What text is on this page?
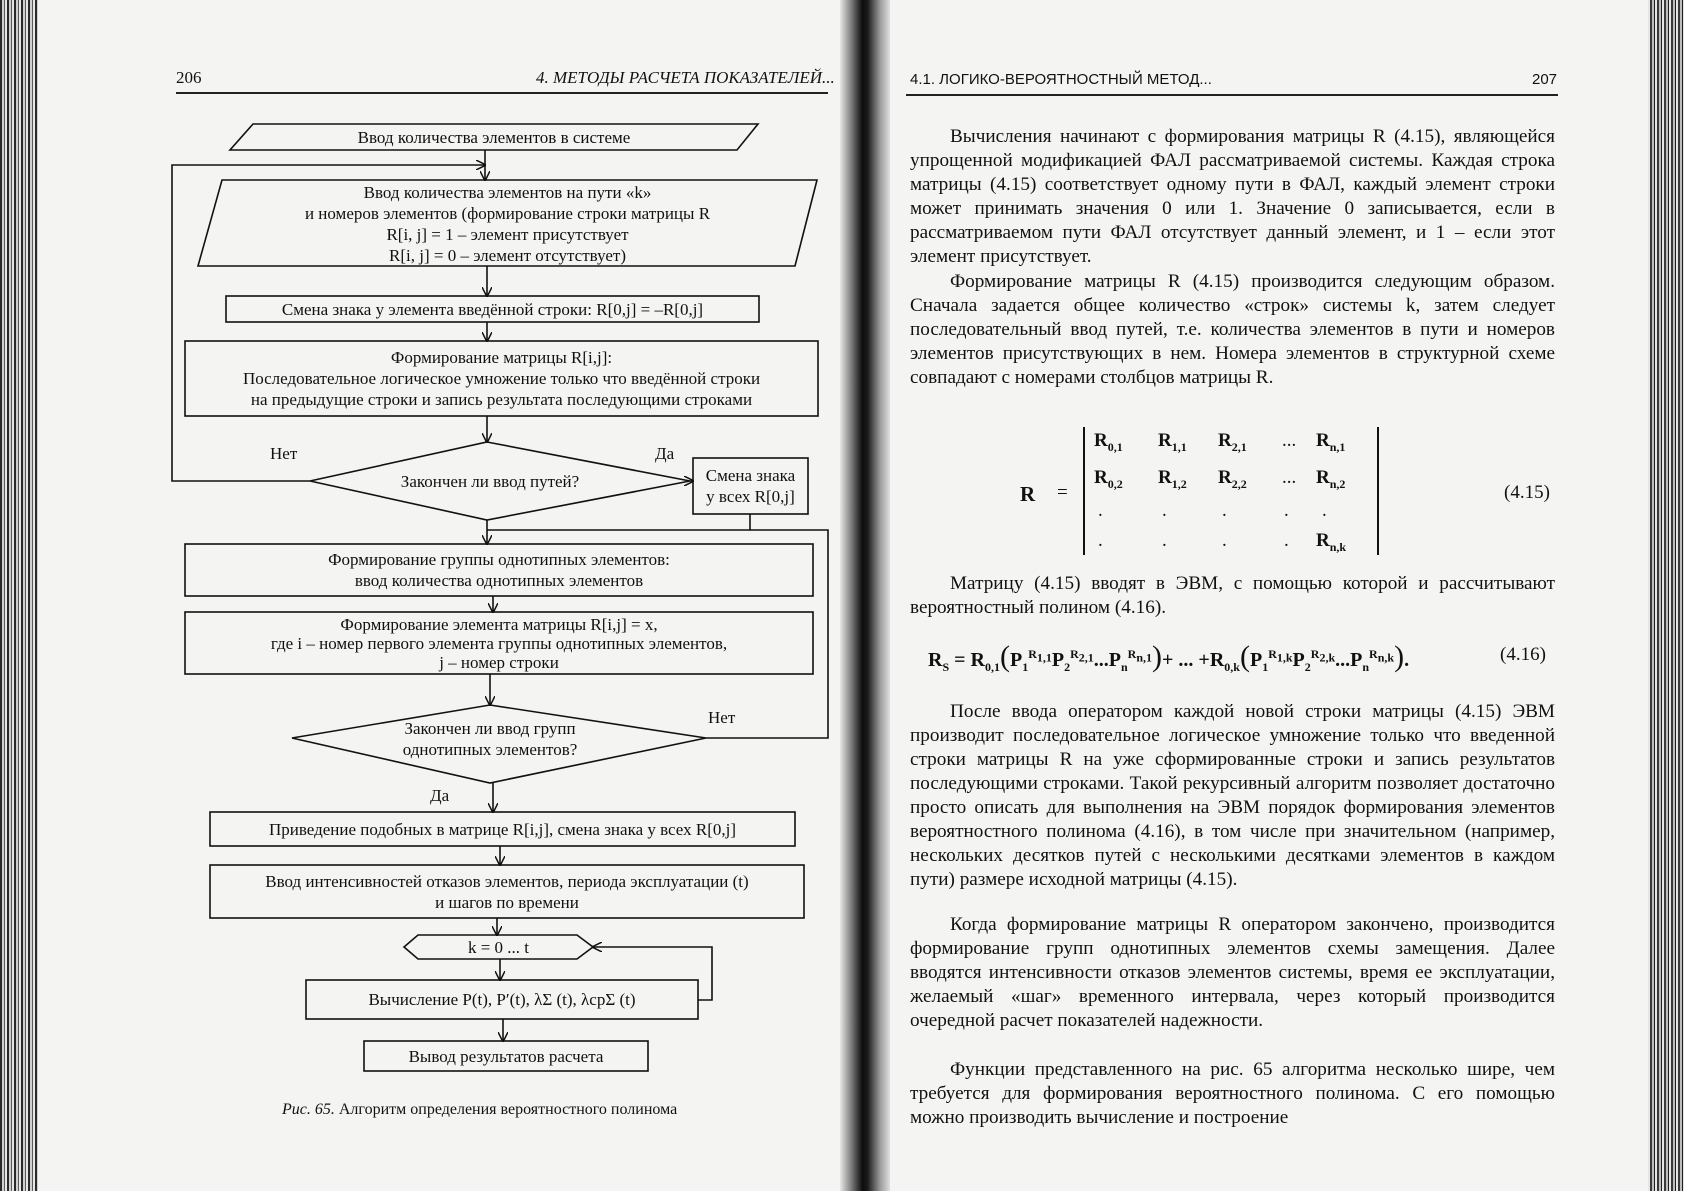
206	4. МЕТОДЫ РАСЧЕТА ПОКАЗАТЕЛЕЙ...
Ввод количества элементов в системе
Ввод количества элементов на пути «k»
и номеров элементов (формирование строки матрицы R
R[i, j] = 1 – элемент присутствует
R[i, j] = 0 – элемент отсутствует)
Смена знака у элемента введённой строки: R[0,j] = –R[0,j]
Формирование матрицы R[i,j]:
Последовательное логическое умножение только что введённой строки
на предыдущие строки и запись результата последующими строками
Закончен ли ввод путей?
Нет	Да
Смена знака
у всех R[0,j]
Формирование группы однотипных элементов:
ввод количества однотипных элементов
Формирование элемента матрицы R[i,j] = x,
где i – номер первого элемента группы однотипных элементов,
j – номер строки
Закончен ли ввод групп
однотипных элементов?
Нет
Да
Приведение подобных в матрице R[i,j], смена знака у всех R[0,j]
Ввод интенсивностей отказов элементов, периода эксплуатации (t)
и шагов по времени
k = 0 ... t
Вычисление P(t), P′(t), λΣ (t), λсрΣ (t)
Вывод результатов расчета
Рис. 65. Алгоритм определения вероятностного полинома
4.1. ЛОГИКО-ВЕРОЯТНОСТНЫЙ МЕТОД...	207
Вычисления начинают с формирования матрицы R (4.15), являющейся упрощенной модификацией ФАЛ рассматриваемой системы. Каждая строка матрицы (4.15) соответствует одному пути в ФАЛ, каждый элемент строки может принимать значения 0 или 1. Значение 0 записывается, если в рассматриваемом пути ФАЛ отсутствует данный элемент, и 1 – если этот элемент присутствует.
Формирование матрицы R (4.15) производится следующим образом. Сначала задается общее количество «строк» системы k, затем следует последовательный ввод путей, т.е. количества элементов в пути и номеров элементов присутствующих в нем. Номера элементов в структурной схеме совпадают с номерами столбцов матрицы R.
R =
$R_{0,1}$ $R_{1,1}$ $R_{2,1}$ ... $R_{n,1}$
$R_{0,2}$ $R_{1,2}$ $R_{2,2}$ ... $R_{n,2}$
.	.	.	. .
.	.	.	. $R_{n,k}$
(4.15)
Матрицу (4.15) вводят в ЭВМ, с помощью которой и рассчитывают вероятностный полином (4.16).
$R_S = R_{0,1}(P_1^{R_{1,1}}P_2^{R_{2,1}}...P_n^{R_{n,1}})+$ ... $+R_{0,k}(P_1^{R_{1,k}}P_2^{R_{2,k}}...P_n^{R_{n,k}})$.	(4.16)
После ввода оператором каждой новой строки матрицы (4.15) ЭВМ производит последовательное логическое умножение только что введенной строки матрицы R на уже сформированные строки и запись результатов последующими строками. Такой рекурсивный алгоритм позволяет достаточно просто описать для выполнения на ЭВМ порядок формирования элементов вероятностного полинома (4.16), в том числе при значительном (например, нескольких десятков путей с несколькими десятками элементов в каждом пути) размере исходной матрицы (4.15).
Когда формирование матрицы R оператором закончено, производится формирование групп однотипных элементов схемы замещения. Далее вводятся интенсивности отказов элементов системы, время ее эксплуатации, желаемый «шаг» временного интервала, через который производится очередной расчет показателей надежности.
Функции представленного на рис. 65 алгоритма несколько шире, чем требуется для формирования вероятностного полинома. С его помощью можно производить вычисление и построение
